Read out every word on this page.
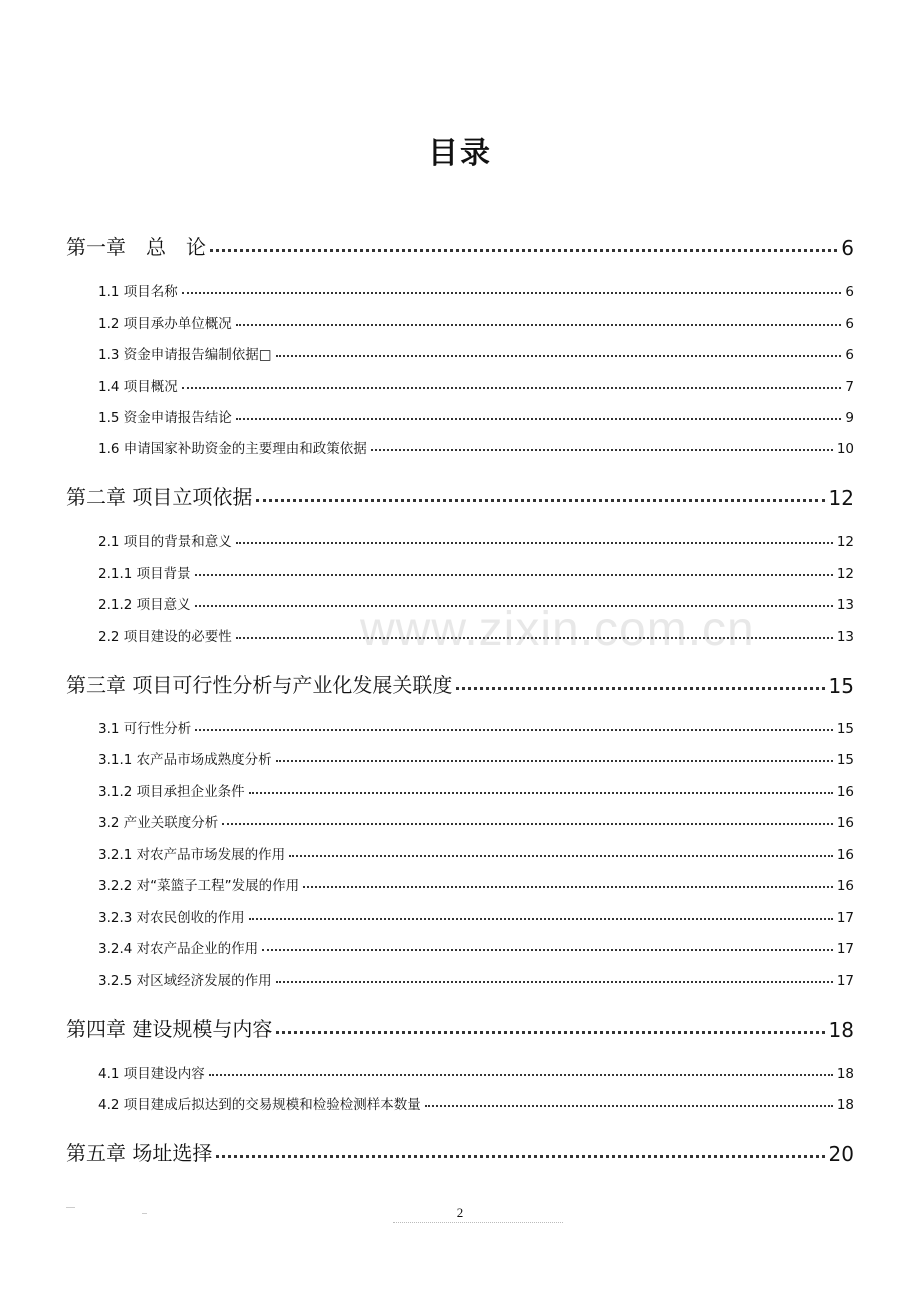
目录
第一章　总　论	6
1.1 项目名称	6
1.2 项目承办单位概况	6
1.3 资金申请报告编制依据□	6
1.4 项目概况	7
1.5 资金申请报告结论	9
1.6 申请国家补助资金的主要理由和政策依据	10
第二章 项目立项依据	12
2.1 项目的背景和意义	12
2.1.1 项目背景	12
2.1.2 项目意义	13
2.2 项目建设的必要性	13
第三章 项目可行性分析与产业化发展关联度	15
3.1 可行性分析	15
3.1.1 农产品市场成熟度分析	15
3.1.2 项目承担企业条件	16
3.2 产业关联度分析	16
3.2.1 对农产品市场发展的作用	16
3.2.2 对“菜篮子工程”发展的作用	16
3.2.3 对农民创收的作用	17
3.2.4 对农产品企业的作用	17
3.2.5 对区域经济发展的作用	17
第四章 建设规模与内容	18
4.1 项目建设内容	18
4.2 项目建成后拟达到的交易规模和检验检测样本数量	18
第五章 场址选择	20
www.zixin.com.cn
2
